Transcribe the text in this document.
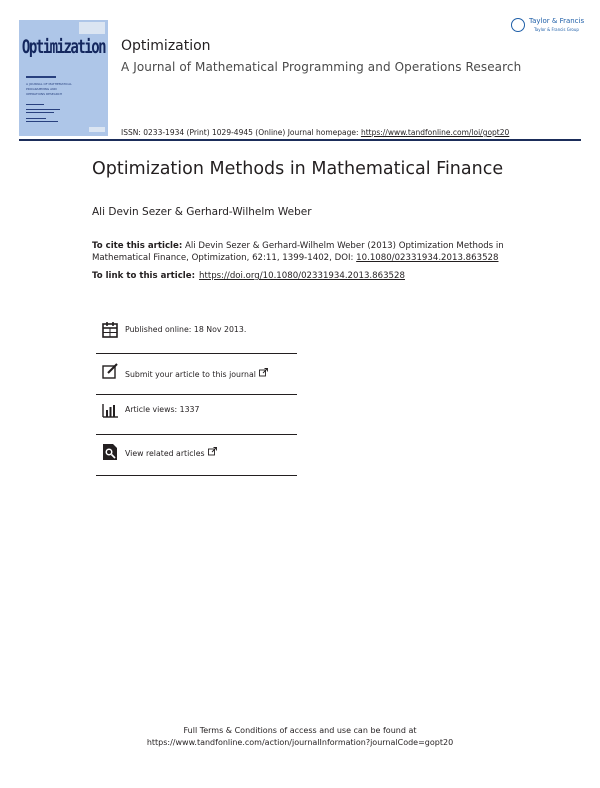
Optimization
A JOURNAL OF MATHEMATICAL
PROGRAMMING AND
OPERATIONS RESEARCH
Optimization
A Journal of Mathematical Programming and Operations Research
ISSN: 0233-1934 (Print) 1029-4945 (Online) Journal homepage: https://www.tandfonline.com/loi/gopt20
Taylor & Francis
Taylor & Francis Group
Optimization Methods in Mathematical Finance
Ali Devin Sezer & Gerhard-Wilhelm Weber
To cite this article: Ali Devin Sezer & Gerhard-Wilhelm Weber (2013) Optimization Methods in Mathematical Finance, Optimization, 62:11, 1399-1402, DOI: 10.1080/02331934.2013.863528
To link to this article: https://doi.org/10.1080/02331934.2013.863528
Published online: 18 Nov 2013.
Submit your article to this journal
Article views: 1337
View related articles
Full Terms & Conditions of access and use can be found at
https://www.tandfonline.com/action/journalInformation?journalCode=gopt20
